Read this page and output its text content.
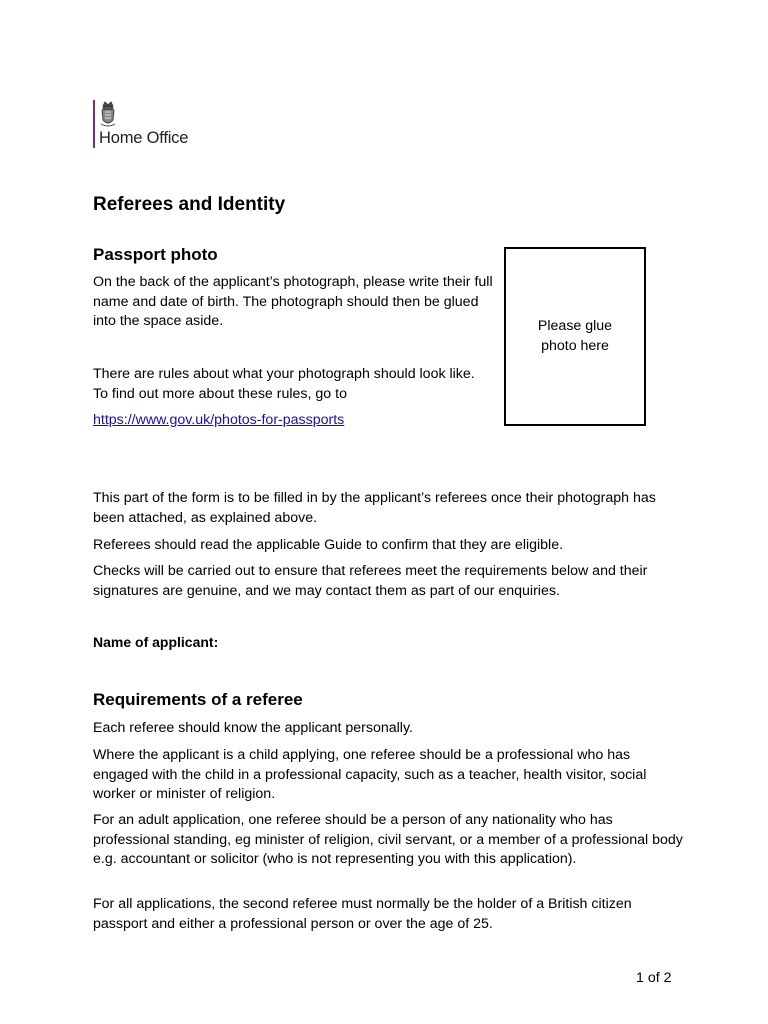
Home Office
Referees and Identity
Passport photo

On the back of the applicant’s photograph, please write their full name and date of birth. The photograph should then be glued into the space aside.

There are rules about what your photograph should look like. To find out more about these rules, go to

https://www.gov.uk/photos-for-passports

Please glue photo here

This part of the form is to be filled in by the applicant’s referees once their photograph has been attached, as explained above.

Referees should read the applicable Guide to confirm that they are eligible.

Checks will be carried out to ensure that referees meet the requirements below and their signatures are genuine, and we may contact them as part of our enquiries.

Name of applicant:

Requirements of a referee

Each referee should know the applicant personally.

Where the applicant is a child applying, one referee should be a professional who has engaged with the child in a professional capacity, such as a teacher, health visitor, social worker or minister of religion.

For an adult application, one referee should be a person of any nationality who has professional standing, eg minister of religion, civil servant, or a member of a professional body e.g. accountant or solicitor (who is not representing you with this application).

For all applications, the second referee must normally be the holder of a British citizen passport and either a professional person or over the age of 25.

1 of 2
